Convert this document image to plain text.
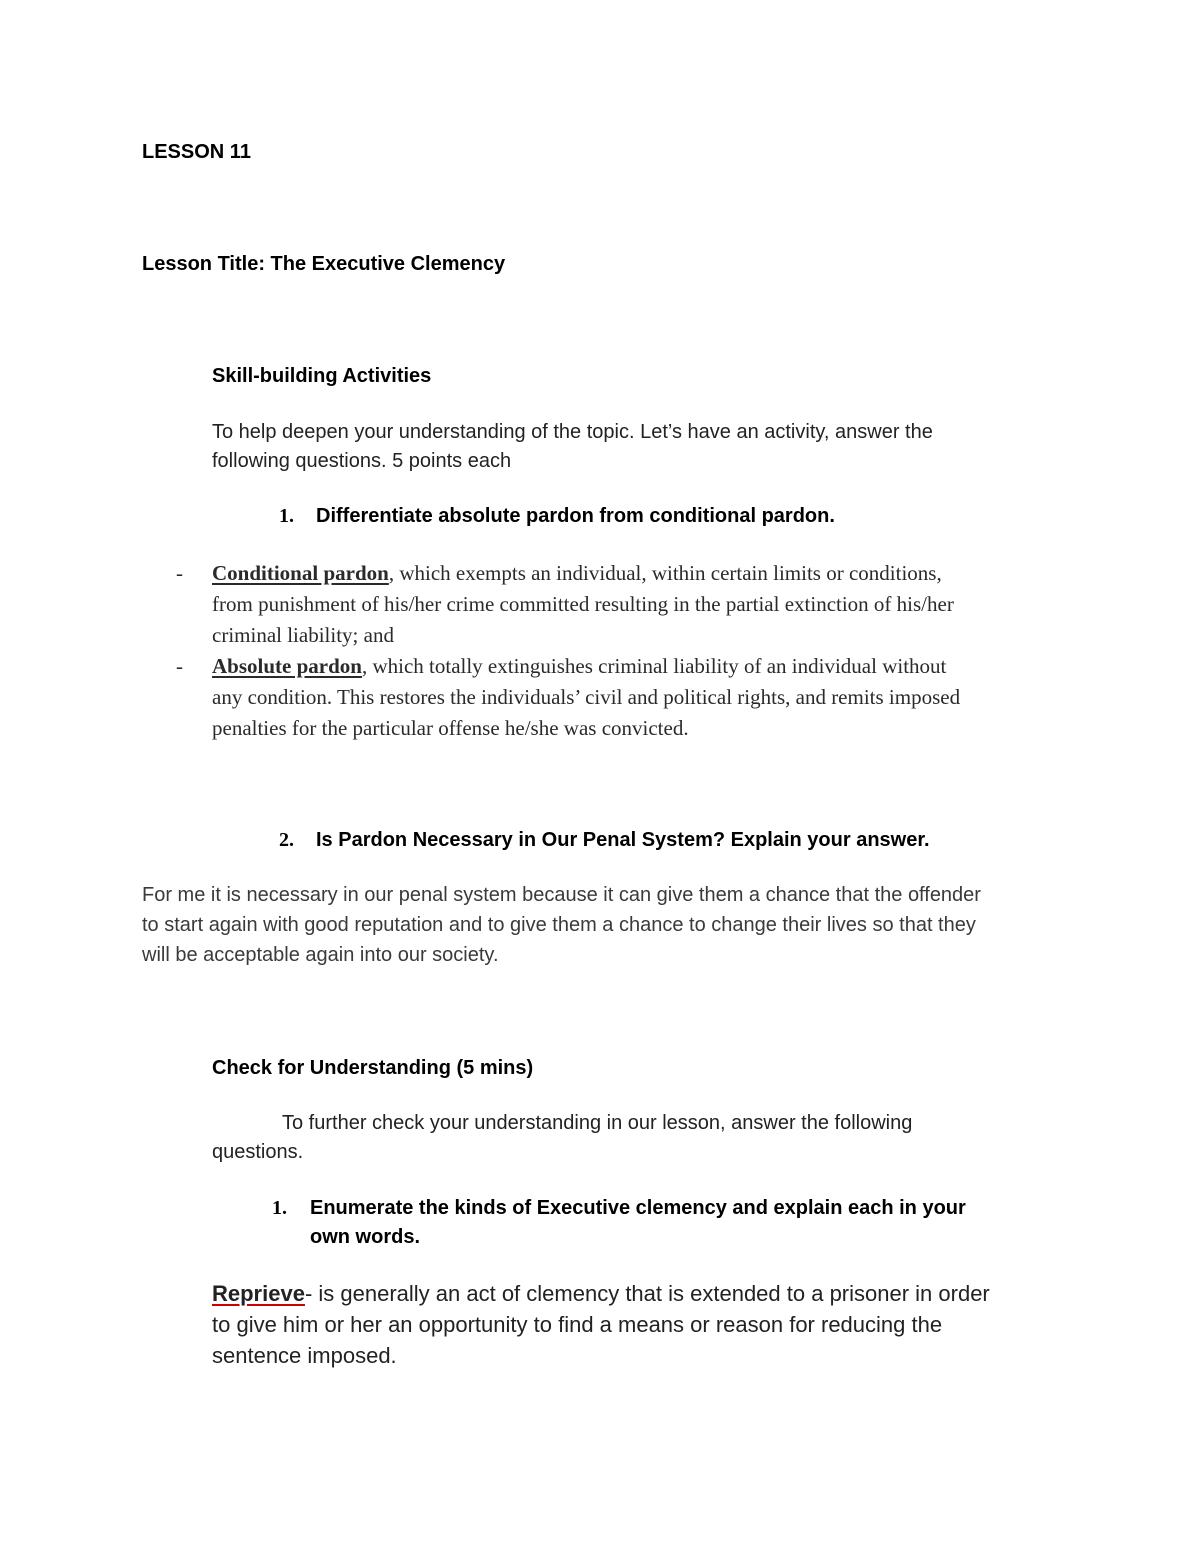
LESSON 11
Lesson Title: The Executive Clemency
Skill-building Activities
To help deepen your understanding of the topic. Let’s have an activity, answer the
following questions. 5 points each
1. Differentiate absolute pardon from conditional pardon.
- Conditional pardon, which exempts an individual, within certain limits or conditions,
from punishment of his/her crime committed resulting in the partial extinction of his/her
criminal liability; and
- Absolute pardon, which totally extinguishes criminal liability of an individual without
any condition. This restores the individuals’ civil and political rights, and remits imposed
penalties for the particular offense he/she was convicted.
2. Is Pardon Necessary in Our Penal System? Explain your answer.
For me it is necessary in our penal system because it can give them a chance that the offender
to start again with good reputation and to give them a chance to change their lives so that they
will be acceptable again into our society.
Check for Understanding (5 mins)
To further check your understanding in our lesson, answer the following
questions.
1. Enumerate the kinds of Executive clemency and explain each in your
own words.
Reprieve- is generally an act of clemency that is extended to a prisoner in order
to give him or her an opportunity to find a means or reason for reducing the
sentence imposed.
